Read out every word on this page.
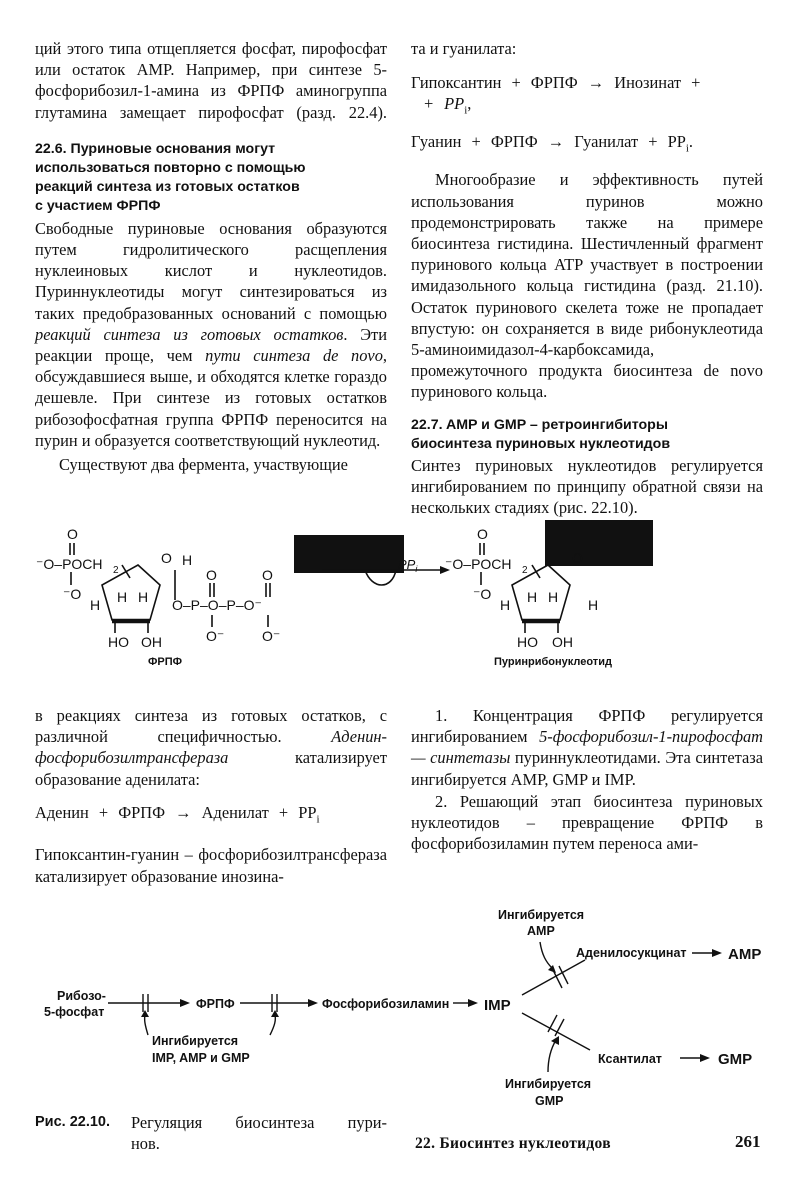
ций этого типа отщепляется фосфат, пирофосфат или остаток AMP. Например, при синтезе 5-фосфорибозил-1-амина из ФРПФ аминогруппа глутамина замещает пирофосфат (разд. 22.4).

22.6. Пуриновые основания могут

использоваться повторно с помощью

реакций синтеза из готовых остатков

с участием ФРПФ

Свободные пуриновые основания образуются путем гидролитического расщепления нуклеиновых кислот и нуклеотидов. Пуриннуклеотиды могут синтезироваться из таких предобразованных оснований с помощью реакций синтеза из готовых остатков. Эти реакции проще, чем пути синтеза de novo, обсуждавшиеся выше, и обходятся клетке гораздо дешевле. При синтезе из готовых остатков рибозофосфатная группа ФРПФ переносится на пурин и образуется соответствующий нуклеотид.

Существуют два фермента, участвующие

та и гуанилата:

Гипоксантин + ФРПФ → Инозинат +

+ $PP_i$,

Гуанин + ФРПФ → Гуанилат + $PP_i$.

Многообразие и эффективность путей использования пуринов можно продемонстрировать также на примере биосинтеза гистидина. Шестичленный фрагмент пуринового кольца ATP участвует в построении имидазольного кольца гистидина (разд. 21.10). Остаток пуринового скелета тоже не пропадает впустую: он сохраняется в виде рибонуклеотида 5-аминоимидазол-4-карбоксамида, промежуточного продукта биосинтеза de novo пуринового кольца.

22.7. AMP и GMP – ретроингибиторы

биосинтеза пуриновых нуклеотидов

Синтез пуриновых нуклеотидов регулируется ингибированием по принципу обратной связи на нескольких стадиях (рис. 22.10).

O
⁻O–POCH 2
⁻O
O H
H H H
HO OH
O–P–O–P–O⁻
O	O
O⁻	O⁻
ФРПФ
$PP_i$
O
⁻O–POCH 2
⁻O
O
H H H H
HO OH
Пуринрибонуклеотид

в реакциях синтеза из готовых остатков, с различной специфичностью. Аденин-фосфорибозилтрансфераза катализирует образование аденилата:

Аденин + ФРПФ → Аденилат + $PP_i$

Гипоксантин-гуанин – фосфорибозилтрансфераза катализирует образование инозина-

1. Концентрация ФРПФ регулируется ингибированием 5-фосфорибозил-1-пирофосфат — синтетазы пуриннуклеотидами. Эта синтетаза ингибируется AMP, GMP и IMP.

2. Решающий этап биосинтеза пуриновых нуклеотидов – превращение ФРПФ в фосфорибозиламин путем переноса ами-

Рибозо-
5-фосфат
ФРПФ	Фосфорибозиламин IMP
Ингибируется
IMP, AMP и GMP
Аденилосукцинат	AMP
Ингибируется
AMP
Ксантилат	GMP
Ингибируется
GMP
Рис. 22.10.	Регуляция биосинтеза пури-
нов.	22. Биосинтез нуклеотидов	261
